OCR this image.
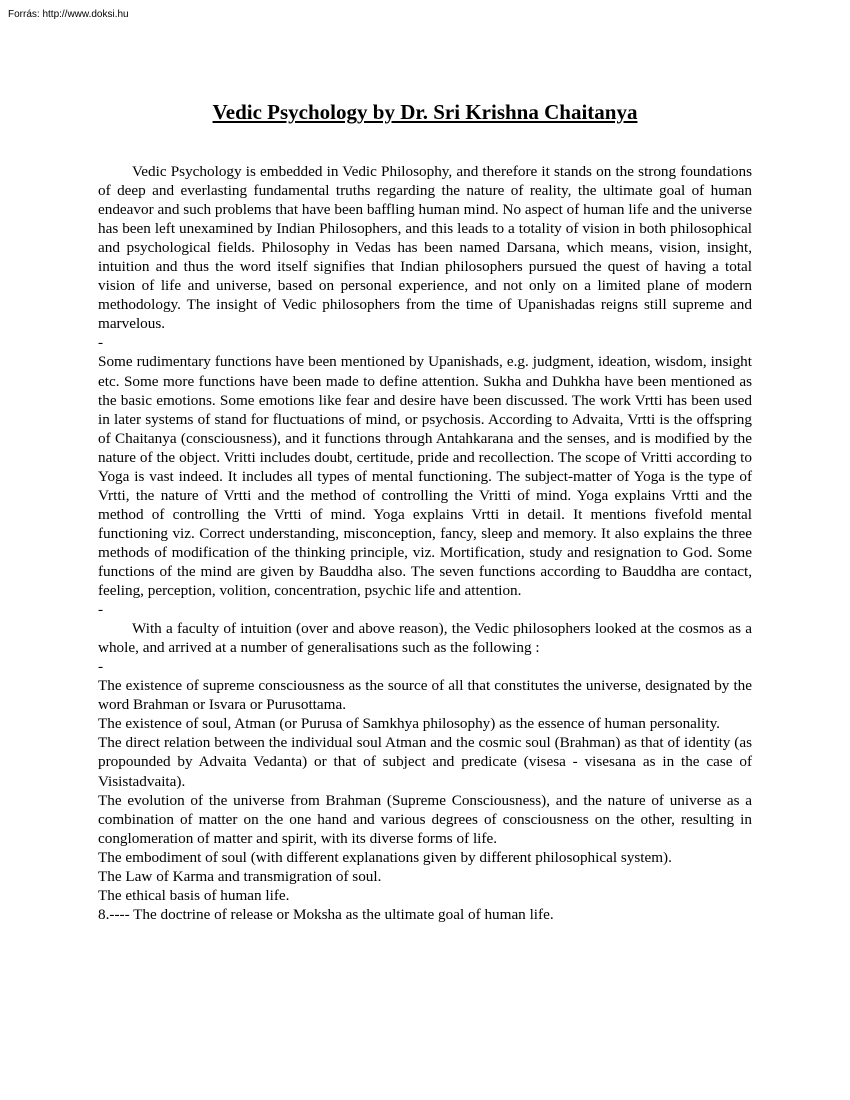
Forrás: http://www.doksi.hu
Vedic Psychology by Dr. Sri Krishna Chaitanya

Vedic Psychology is embedded in Vedic Philosophy, and therefore it stands on the strong foundations of deep and everlasting fundamental truths regarding the nature of reality, the ultimate goal of human endeavor and such problems that have been baffling human mind. No aspect of human life and the universe has been left unexamined by Indian Philosophers, and this leads to a totality of vision in both philosophical and psychological fields. Philosophy in Vedas has been named Darsana, which means, vision, insight, intuition and thus the word itself signifies that Indian philosophers pursued the quest of having a total vision of life and universe, based on personal experience, and not only on a limited plane of modern methodology. The insight of Vedic philosophers from the time of Upanishadas reigns still supreme and marvelous.

-

Some rudimentary functions have been mentioned by Upanishads, e.g. judgment, ideation, wisdom, insight etc. Some more functions have been made to define attention. Sukha and Duhkha have been mentioned as the basic emotions. Some emotions like fear and desire have been discussed. The work Vrtti has been used in later systems of stand for fluctuations of mind, or psychosis. According to Advaita, Vrtti is the offspring of Chaitanya (consciousness), and it functions through Antahkarana and the senses, and is modified by the nature of the object. Vritti includes doubt, certitude, pride and recollection. The scope of Vritti according to Yoga is vast indeed. It includes all types of mental functioning. The subject-matter of Yoga is the type of Vrtti, the nature of Vrtti and the method of controlling the Vritti of mind. Yoga explains Vrtti and the method of controlling the Vrtti of mind. Yoga explains Vrtti in detail. It mentions fivefold mental functioning viz. Correct understanding, misconception, fancy, sleep and memory. It also explains the three methods of modification of the thinking principle, viz. Mortification, study and resignation to God. Some functions of the mind are given by Bauddha also. The seven functions according to Bauddha are contact, feeling, perception, volition, concentration, psychic life and attention.

-

With a faculty of intuition (over and above reason), the Vedic philosophers looked at the cosmos as a whole, and arrived at a number of generalisations such as the following :

-

The existence of supreme consciousness as the source of all that constitutes the universe, designated by the word Brahman or Isvara or Purusottama.

The existence of soul, Atman (or Purusa of Samkhya philosophy) as the essence of human personality.

The direct relation between the individual soul Atman and the cosmic soul (Brahman) as that of identity (as propounded by Advaita Vedanta) or that of subject and predicate (visesa - visesana as in the case of Visistadvaita).

The evolution of the universe from Brahman (Supreme Consciousness), and the nature of universe as a combination of matter on the one hand and various degrees of consciousness on the other, resulting in conglomeration of matter and spirit, with its diverse forms of life.

The embodiment of soul (with different explanations given by different philosophical system).

The Law of Karma and transmigration of soul.

The ethical basis of human life.

8.---- The doctrine of release or Moksha as the ultimate goal of human life.
